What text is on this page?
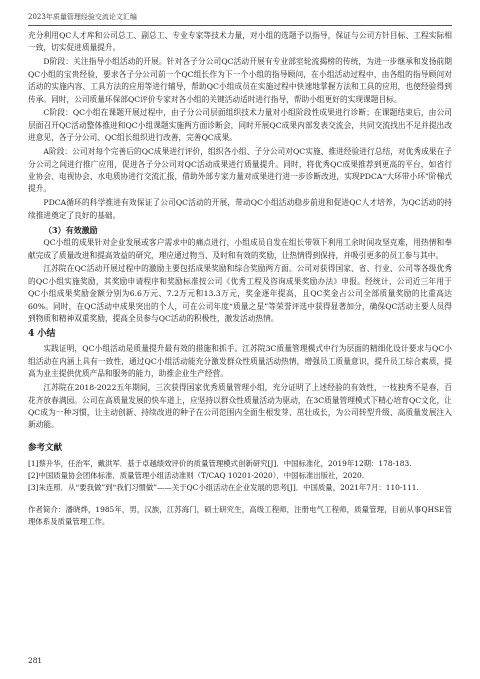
2023年质量管理经验交流论文汇编

充分利用QC人才库和公司总工、副总工、专业专家等技术力量，对小组的选题予以指导，保证与公司方针目标、工程实际相一致，切实促进质量提升。

D阶段：关注指导小组活动的开展。针对各子分公司QC活动开展有专业部室轮流揭榜的传统，为进一步继承和发扬前期QC小组的宝贵经验，要求各子分公司前一个QC组长作为下一个小组的指导顾问，在小组活动过程中，由各组的指导顾问对活动的实施内容、工具方法的应用等进行辅导，帮助QC小组成员在实施过程中快速地掌握方法和工具的应用，也使经验得到传承。同时，公司质量环保部QC评价专家对各小组的关键活动适时进行指导，帮助小组更好的实现课题目标。

C阶段：QC小组在课题开展过程中，由子分公司层面组织技术力量对小组阶段性成果进行诊断；在课题结束后，由公司层面召开QC活动整体推进和QC小组课题实施两方面诊断会，同时开展QC成果内部发表交流会，共同交流找出不足并提出改进意见，各子分公司、QC组长组织进行改善，完善QC成果。

A阶段：公司对每个完善后的QC成果进行评价，组织各小组、子分公司对QC实施、推进经验进行总结，对优秀成果在子分公司之间进行推广应用，促进各子分公司对QC活动成果进行质量提升。同时，将优秀QC成果推荐到更高的平台，如省行业协会、电视协会、水电质协进行交流汇报，借助外部专家力量对成果进行进一步诊断改进，实现PDCA“大环带小环”阶梯式提升。

PDCA循环的科学推进有效保证了公司QC活动的开展，带动QC小组活动稳步前进和促进QC人才培养，为QC活动的持续推进奠定了良好的基础。

（3）有效激励

QC小组的成果针对企业发展或客户需求中的痛点进行，小组成员自发在组长带领下利用工余时间攻坚克难，用热情和奉献完成了质量改进和提高效益的研究，理应通过物当、及时和有效的奖励，让热情得到保持，并吸引更多的员工参与其中。

江苏院在QC活动开展过程中的激励主要包括成果奖励和综合奖励两方面。公司对获得国家、省、行业、公司等各级优秀的QC小组实施奖励，其奖励申请程序和奖励标准按公司《优秀工程及咨询成果奖励办法》申报。经统计，公司近三年用于QC小组成果奖励金额分别为6.6万元、7.2万元和13.3万元，奖金逐年提高，且QC奖金占公司全部质量奖励的比重高达60%。同时，在QC活动中成果突出的个人，可在公司年度“质量之星”等荣誉评选中获得显著加分，确保QC活动主要人员得到物质和精神双重奖励，提高全员参与QC活动的积极性，激发活动热情。

4 小结

实践证明，QC小组活动是质量提升最有效的措施和抓手。江苏院3C质量管理模式中行为层面的精细化设计要求与QC小组活动在内涵上具有一致性，通过QC小组活动能充分激发群众性质量活动热情，增强员工质量意识，提升员工综合素质，提高为业主提供优质产品和服务的能力，助推企业生产经营。

江苏院在2018-2022五年期间，三次获得国家优秀质量管理小组，充分证明了上述经验的有效性，一枝独秀不是春，百花齐放春满园。公司在高质量发展的快车道上，应坚持以群众性质量活动为驱动，在3C质量管理模式下精心培育QC文化，让QC成为一种习惯，让主动创新、持续改进的种子在公司范围内全面生根发芽、茁壮成长，为公司转型升级、高质量发展注入新动能。

参考文献

[1]蔡升华，任治军，戴洪军．基于卓越绩效评价的质量管理模式创新研究[J]．中国标准化，2019年12期：178-183.

[2]中国质量协会团体标准．质量管理小组活动准则（T/CAQ 10201-2020）．中国标准出版社，2020.

[3]朱连照．从“要我做”到“我们习惯做”——关于QC小组活动在企业发展的思考[J]．中国质量，2021年7月：110-111.

作者简介：潘晓烨，1985年，男，汉族，江苏海门，硕士研究生，高级工程师，注册电气工程师，质量管理，目前从事QHSE管理体系及质量管理工作。

281
